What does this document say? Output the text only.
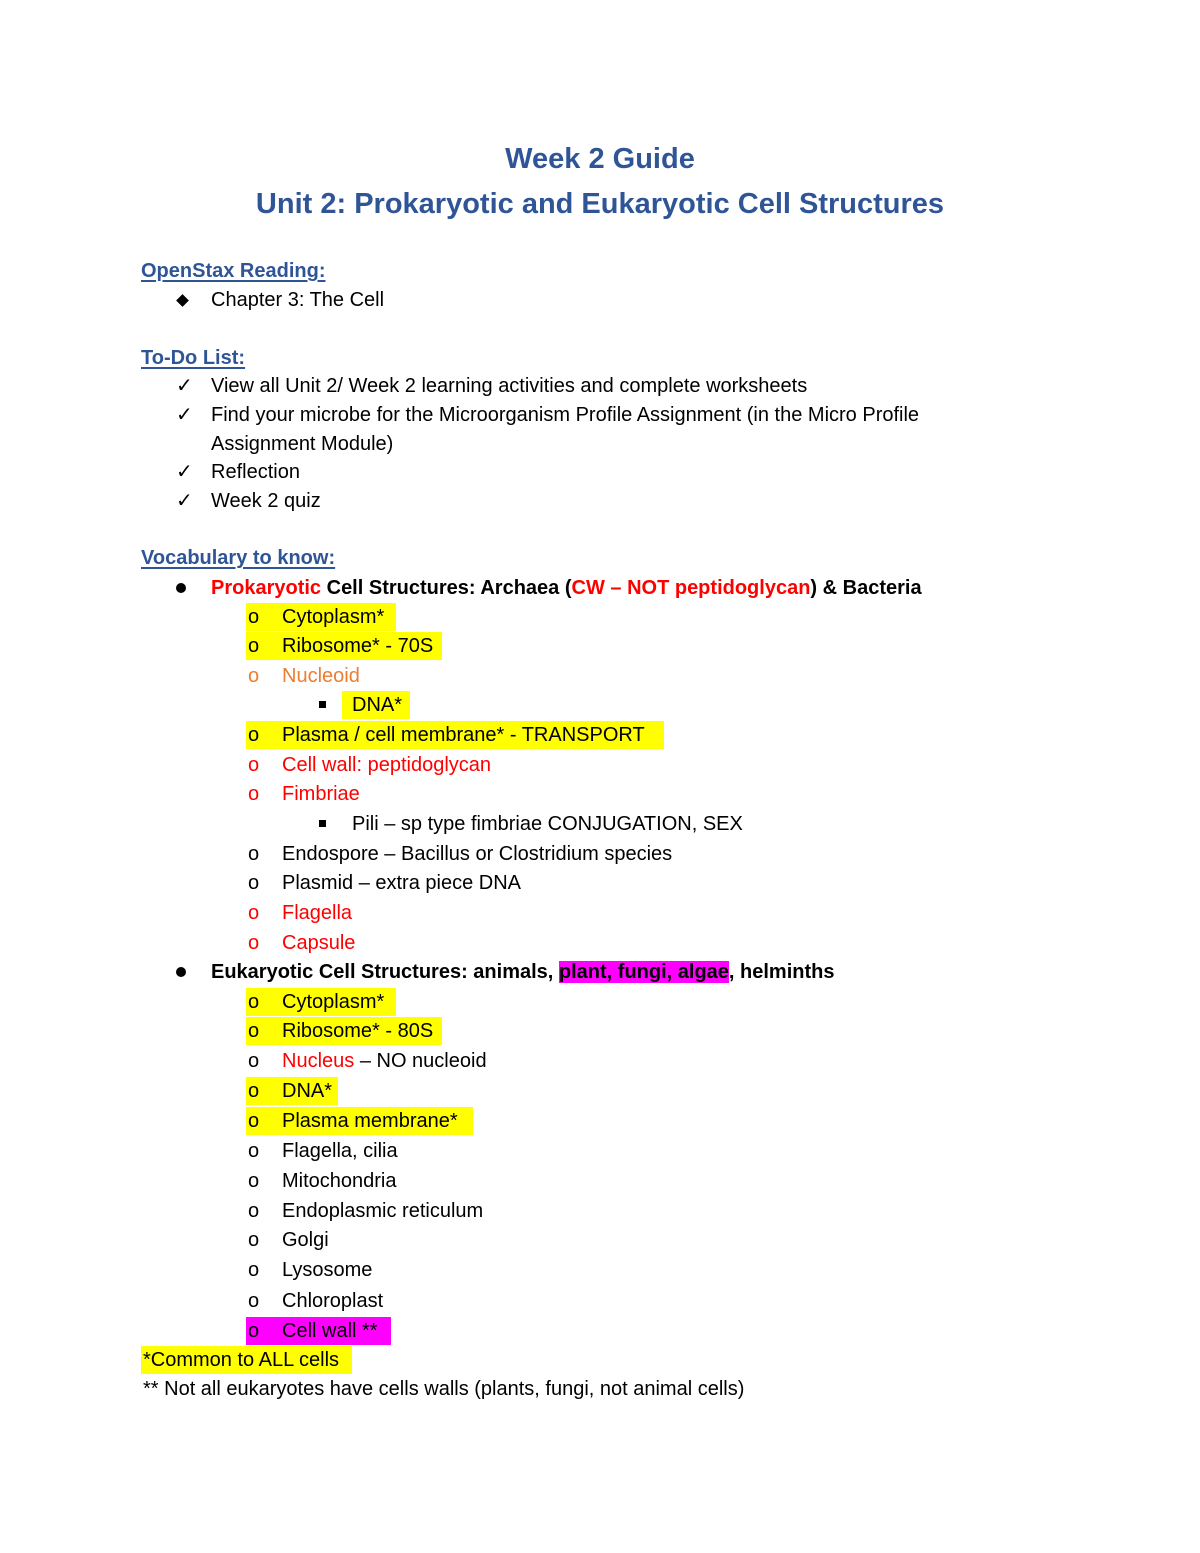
Week 2 Guide
Unit 2: Prokaryotic and Eukaryotic Cell Structures
OpenStax Reading:
Chapter 3: The Cell
To-Do List:
✓ View all Unit 2/ Week 2 learning activities and complete worksheets
✓ Find your microbe for the Microorganism Profile Assignment (in the Micro Profile
Assignment Module)
✓ Reflection
✓ Week 2 quiz
Vocabulary to know:
Prokaryotic Cell Structures: Archaea (CW – NOT peptidoglycan) & Bacteria
o Cytoplasm*
o Ribosome* - 70S
o Nucleoid
DNA*
o Plasma / cell membrane* - TRANSPORT
o Cell wall: peptidoglycan
o Fimbriae
Pili – sp type fimbriae CONJUGATION, SEX
o Endospore – Bacillus or Clostridium species
o Plasmid – extra piece DNA
o Flagella
o Capsule
Eukaryotic Cell Structures: animals, plant, fungi, algae, helminths
o Cytoplasm*
o Ribosome* - 80S
o Nucleus – NO nucleoid
o DNA*
o Plasma membrane*
o Flagella, cilia
o Mitochondria
o Endoplasmic reticulum
o Golgi
o Lysosome
o Chloroplast
o Cell wall **
*Common to ALL cells
** Not all eukaryotes have cells walls (plants, fungi, not animal cells)
